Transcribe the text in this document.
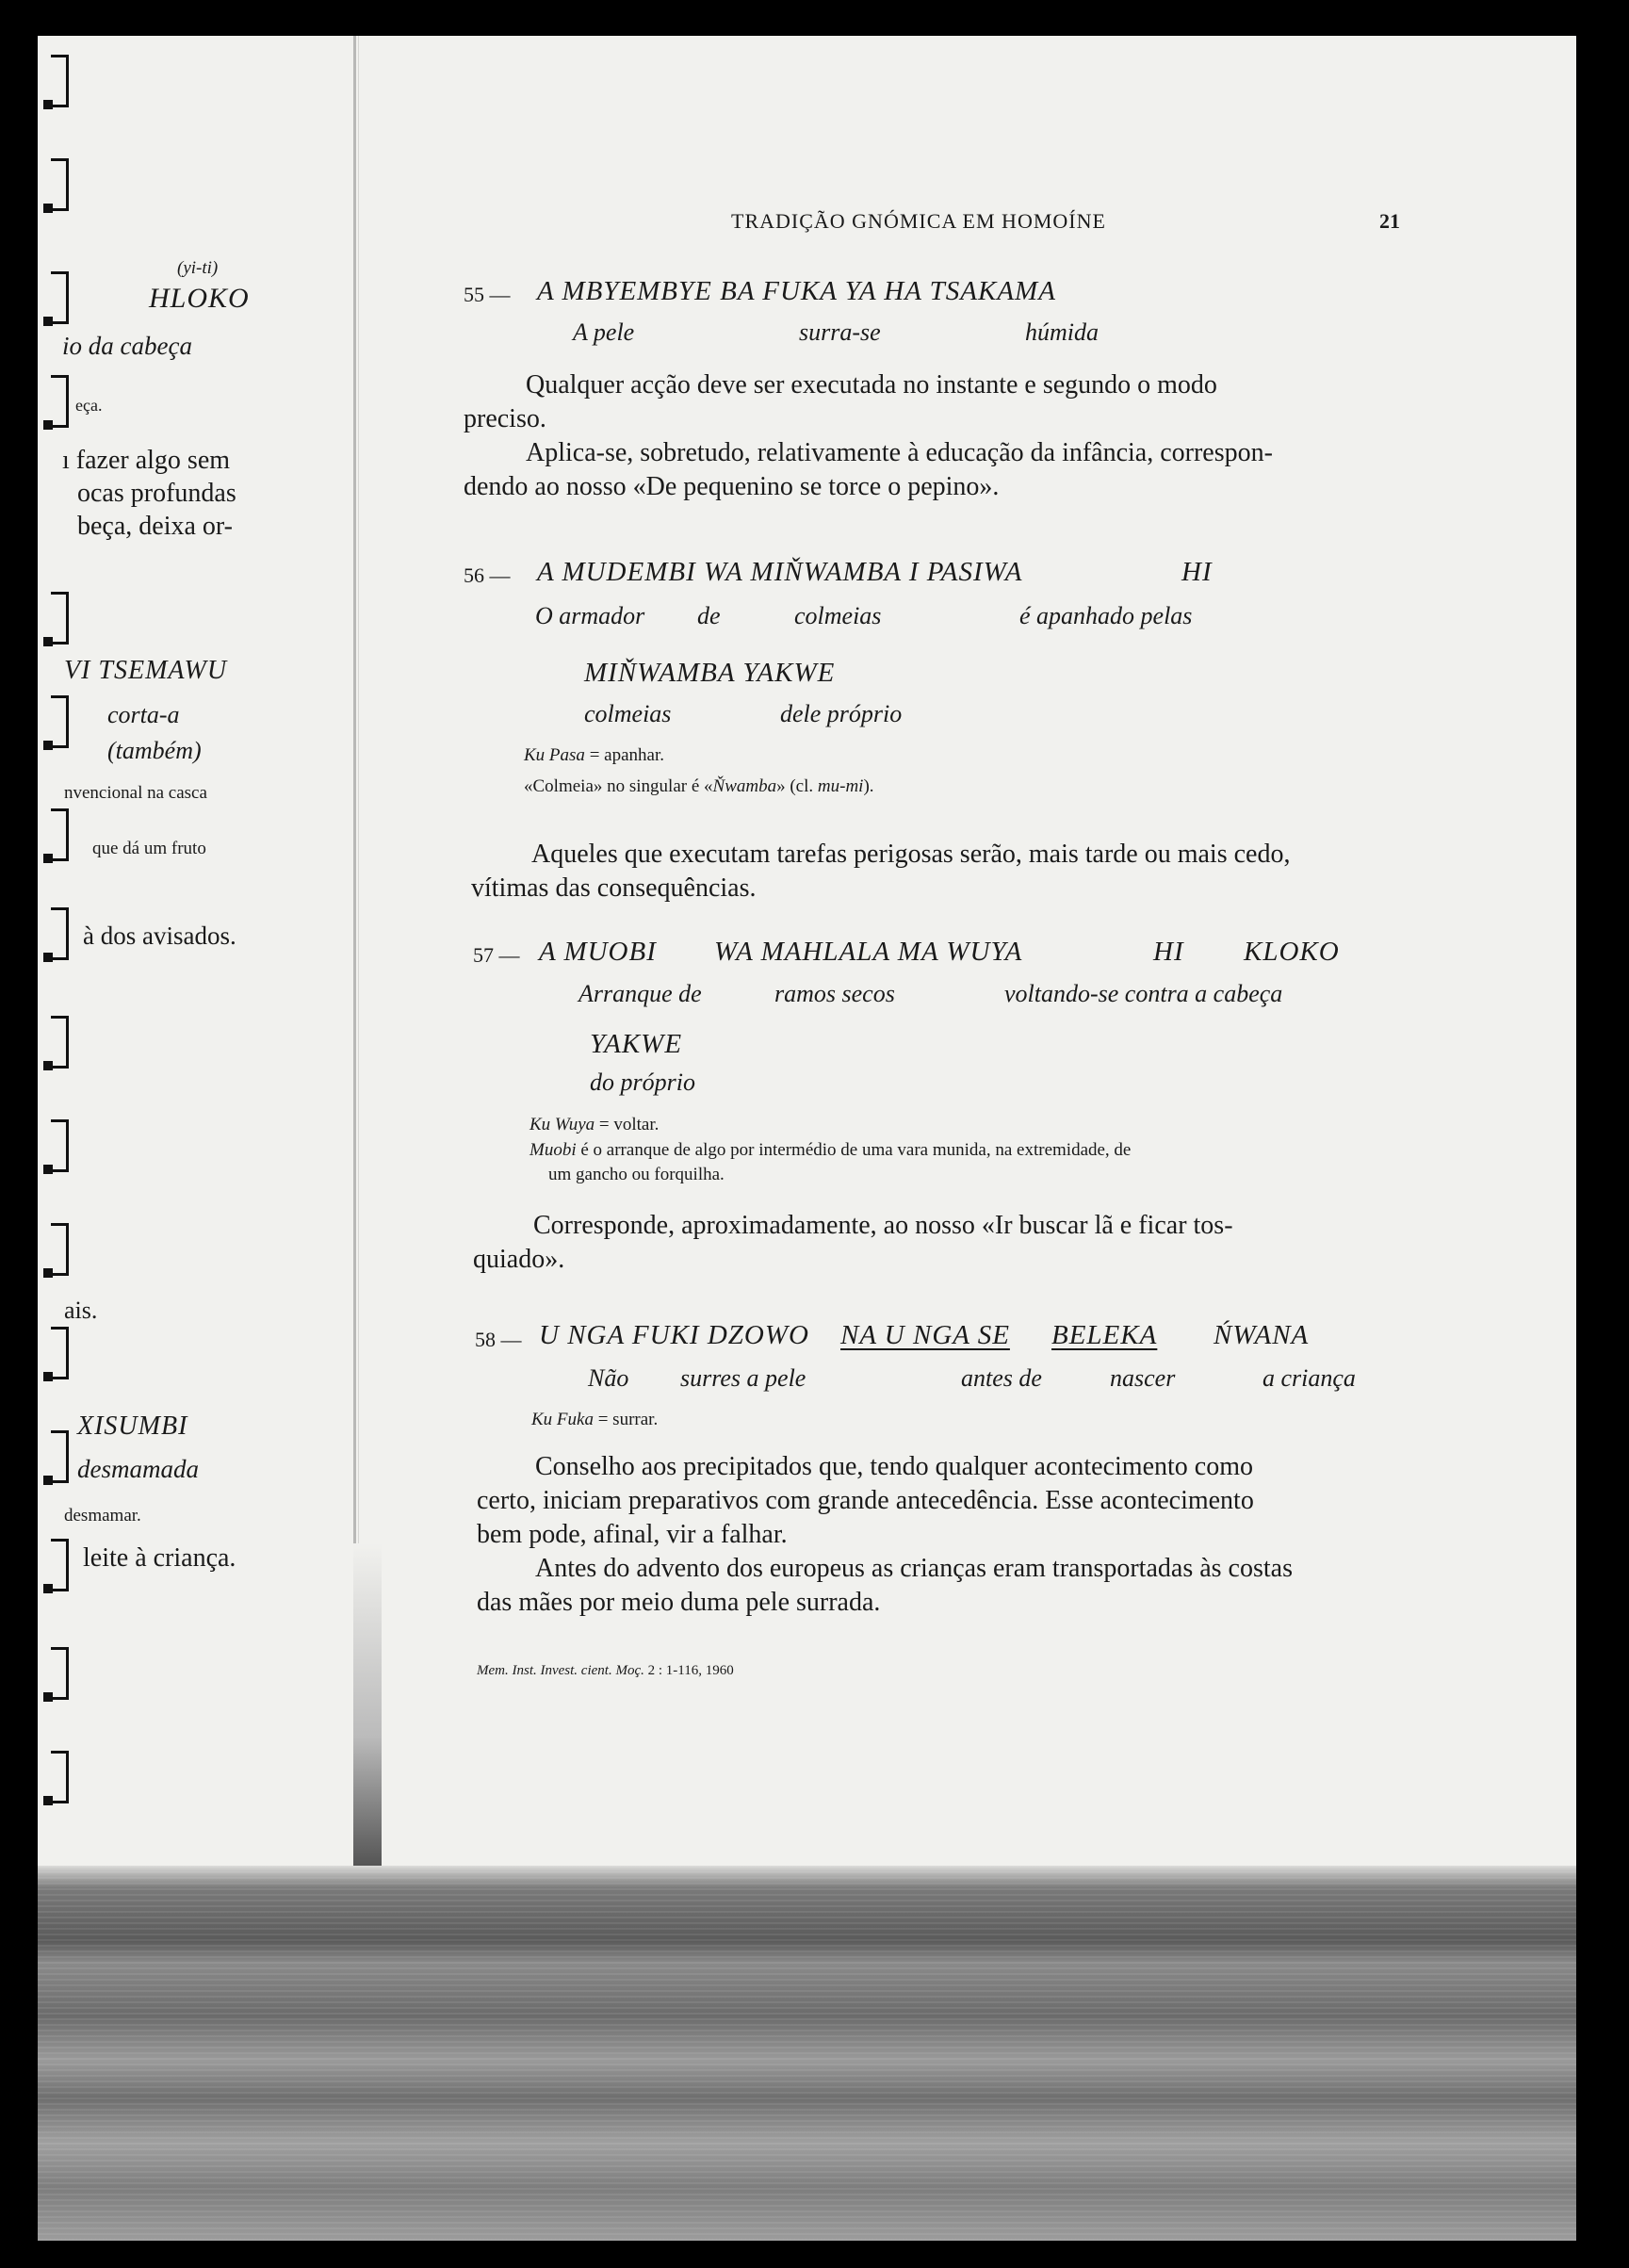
(yi-ti)
HLOKO
io da cabeça
eça.
ı fazer algo sem
ocas profundas
beça, deixa or-
VI TSEMAWU
corta-a
(também)
nvencional na casca
que dá um fruto
à dos avisados.
ais.
XISUMBI
desmamada
desmamar.
leite à criança.
TRADIÇÃO GNÓMICA EM HOMOÍNE	21
55 — A MBYEMBYE BA FUKA YA HA TSAKAMA
A pele	surra-se	húmida
Qualquer acção deve ser executada no instante e segundo o modo
preciso.
Aplica-se, sobretudo, relativamente à educação da infância, correspon-
dendo ao nosso «De pequenino se torce o pepino».
56 — A MUDEMBI WA MIŇWAMBA I PASIWA	HI
O armador de	colmeias	é apanhado pelas
MIŇWAMBA YAKWE
colmeias	dele próprio
Ku Pasa = apanhar.
«Colmeia» no singular é «Ňwamba» (cl. mu-mi).
Aqueles que executam tarefas perigosas serão, mais tarde ou mais cedo,
vítimas das consequências.
57 — A MUOBI WA MAHLALA MA WUYA	HI KLOKO
Arranque de	ramos secos	voltando-se contra a cabeça
YAKWE
do próprio
Ku Wuya = voltar.
Muobi é o arranque de algo por intermédio de uma vara munida, na extremidade, de
um gancho ou forquilha.
Corresponde, aproximadamente, ao nosso «Ir buscar lã e ficar tos-
quiado».
58 — U NGA FUKI DZOWO NA U NGA SE BELEKA ŃWANA
Não surres a pele	antes de	nascer	a criança
Ku Fuka = surrar.
Conselho aos precipitados que, tendo qualquer acontecimento como
certo, iniciam preparativos com grande antecedência. Esse acontecimento
bem pode, afinal, vir a falhar.
Antes do advento dos europeus as crianças eram transportadas às costas
das mães por meio duma pele surrada.
Mem. Inst. Invest. cient. Moç. 2 : 1-116, 1960
